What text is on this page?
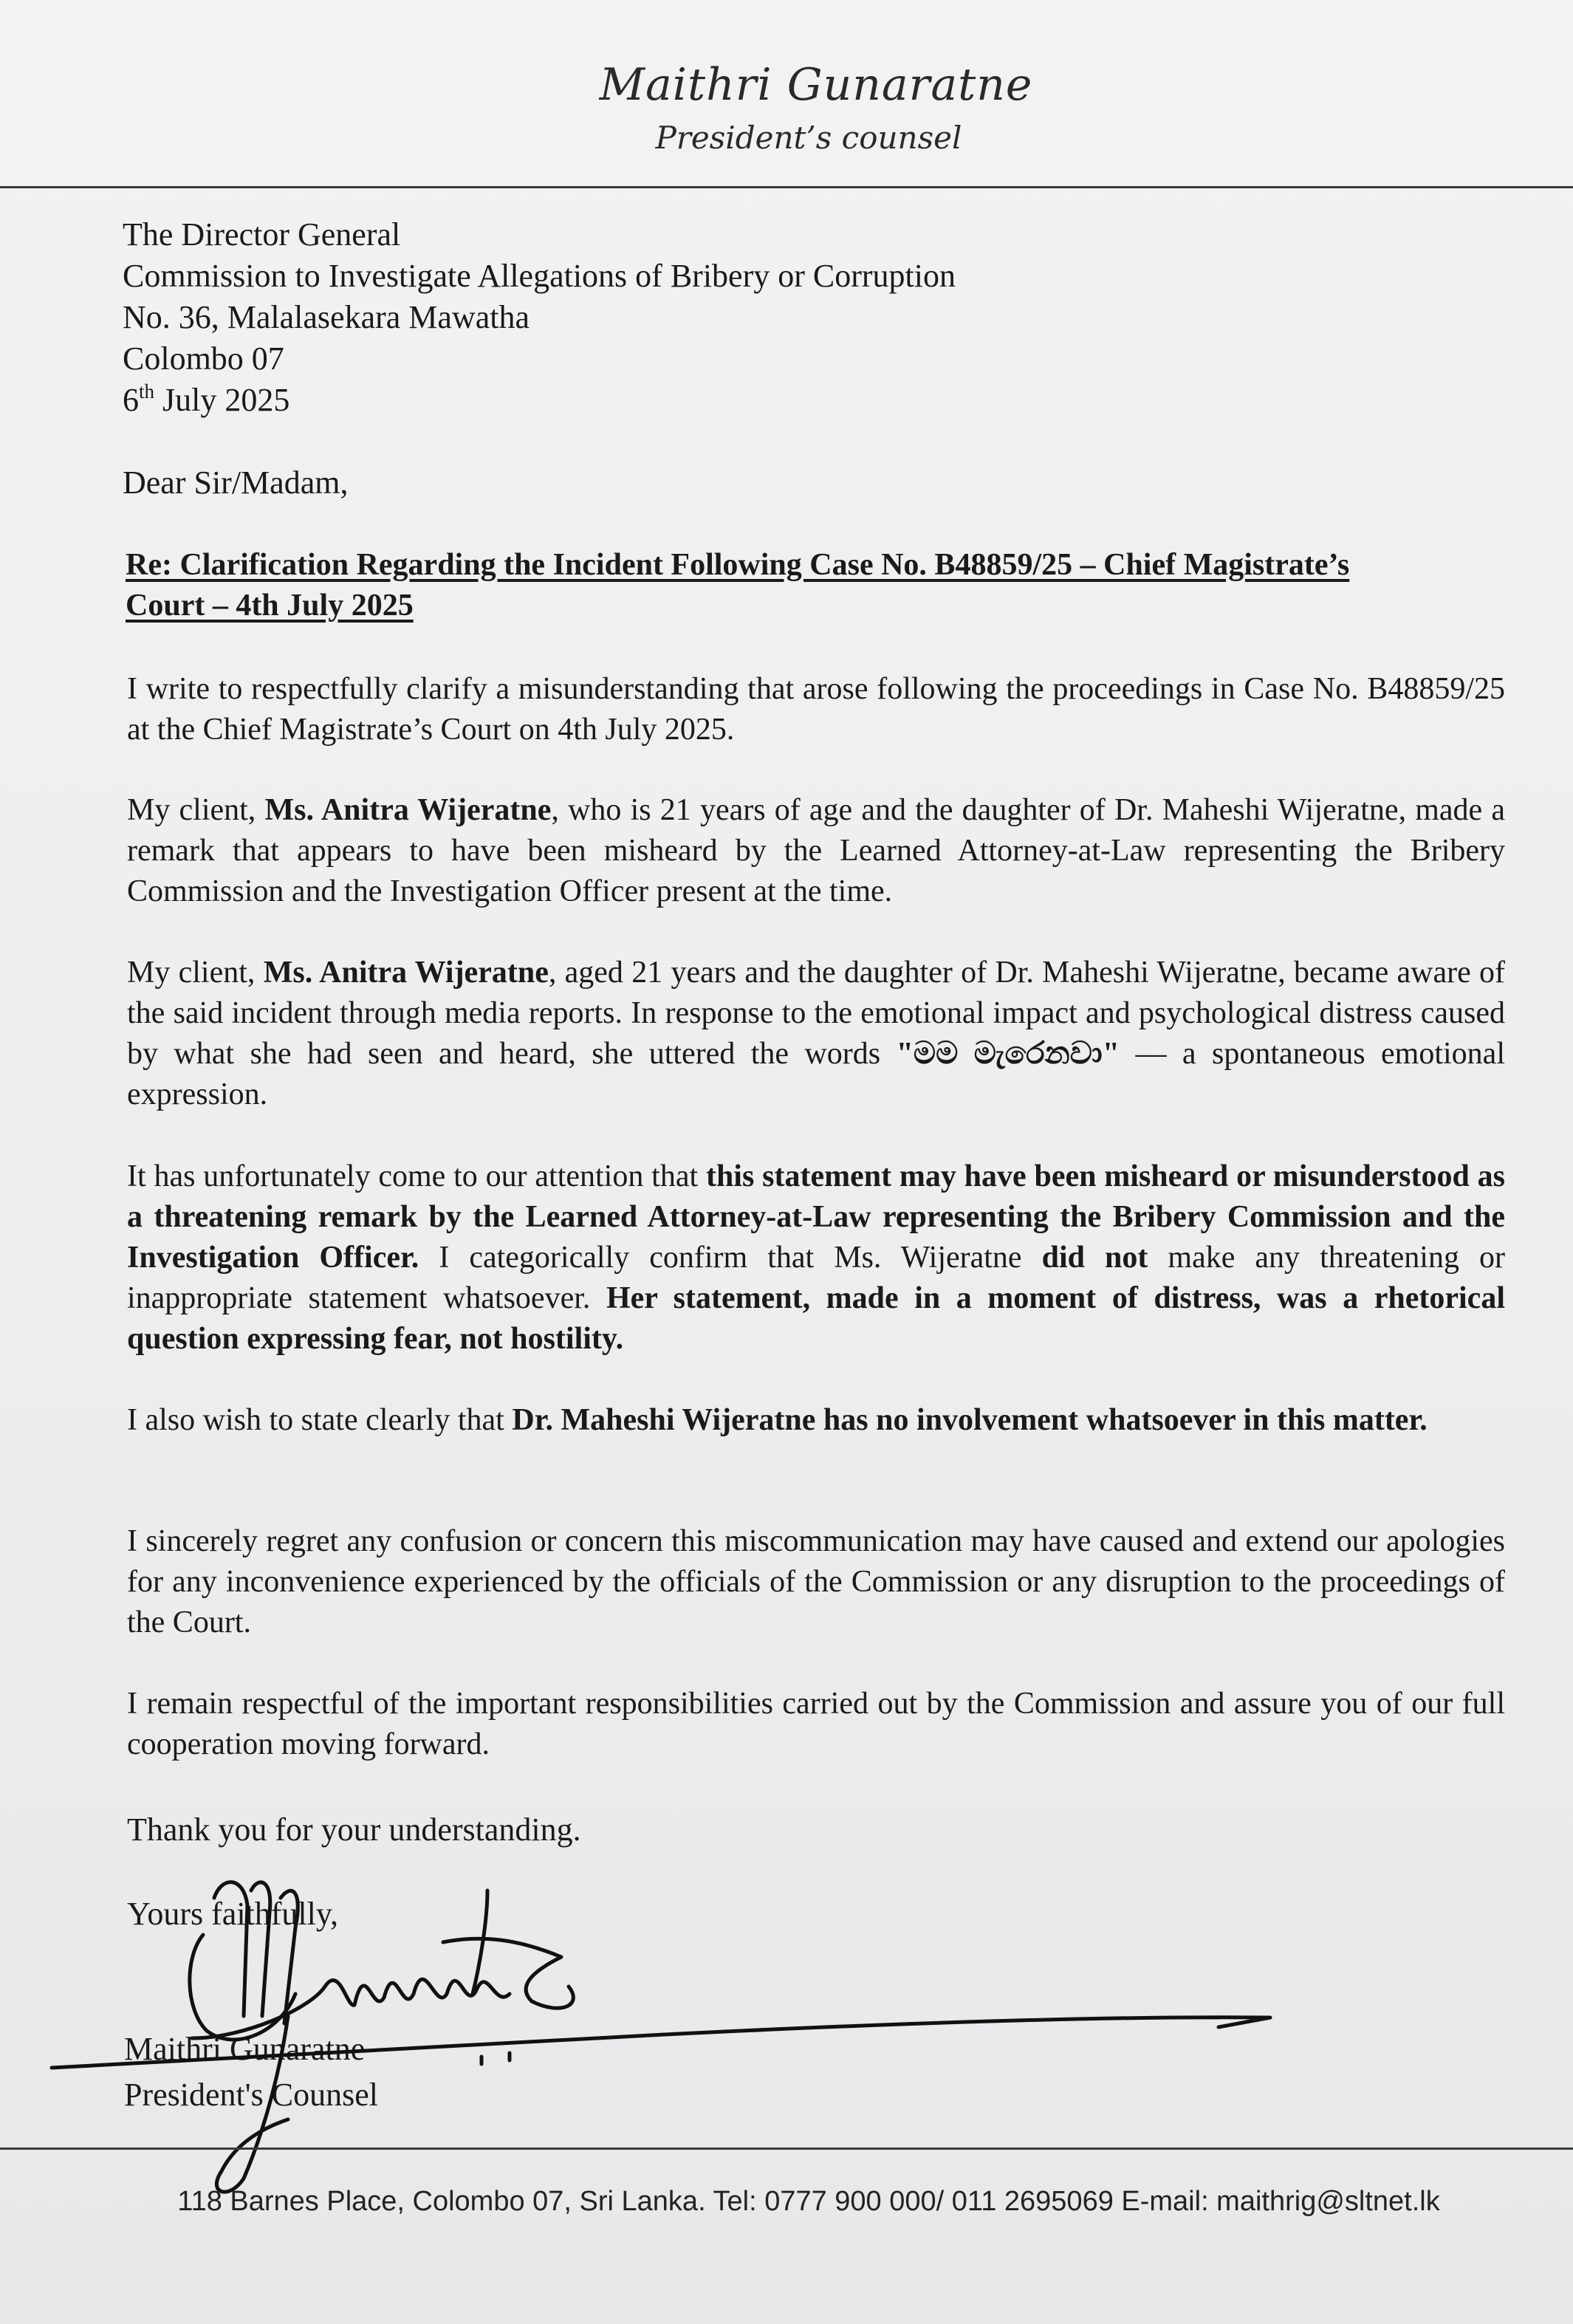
Maithri Gunaratne
President’s counsel
The Director General
Commission to Investigate Allegations of Bribery or Corruption
No. 36, Malalasekara Mawatha
Colombo 07
6th July 2025
Dear Sir/Madam,
Re: Clarification Regarding the Incident Following Case No. B48859/25 – Chief Magistrate’s
Court – 4th July 2025
I write to respectfully clarify a misunderstanding that arose following the proceedings in Case No. B48859/25 at the Chief Magistrate’s Court on 4th July 2025.
My client, Ms. Anitra Wijeratne, who is 21 years of age and the daughter of Dr. Maheshi Wijeratne, made a remark that appears to have been misheard by the Learned Attorney-at-Law representing the Bribery Commission and the Investigation Officer present at the time.
My client, Ms. Anitra Wijeratne, aged 21 years and the daughter of Dr. Maheshi Wijeratne, became aware of the said incident through media reports. In response to the emotional impact and psychological distress caused by what she had seen and heard, she uttered the words "මම මැරෙනවා" — a spontaneous emotional expression.
It has unfortunately come to our attention that this statement may have been misheard or misunderstood as a threatening remark by the Learned Attorney-at-Law representing the Bribery Commission and the Investigation Officer. I categorically confirm that Ms. Wijeratne did not make any threatening or inappropriate statement whatsoever. Her statement, made in a moment of distress, was a rhetorical question expressing fear, not hostility.
I also wish to state clearly that Dr. Maheshi Wijeratne has no involvement whatsoever in this matter.
I sincerely regret any confusion or concern this miscommunication may have caused and extend our apologies for any inconvenience experienced by the officials of the Commission or any disruption to the proceedings of the Court.
I remain respectful of the important responsibilities carried out by the Commission and assure you of our full cooperation moving forward.
Thank you for your understanding.
Yours faithfully,
Maithri Gunaratne
President's Counsel
118 Barnes Place, Colombo 07, Sri Lanka. Tel: 0777 900 000/ 011 2695069 E-mail: maithrig@sltnet.lk
